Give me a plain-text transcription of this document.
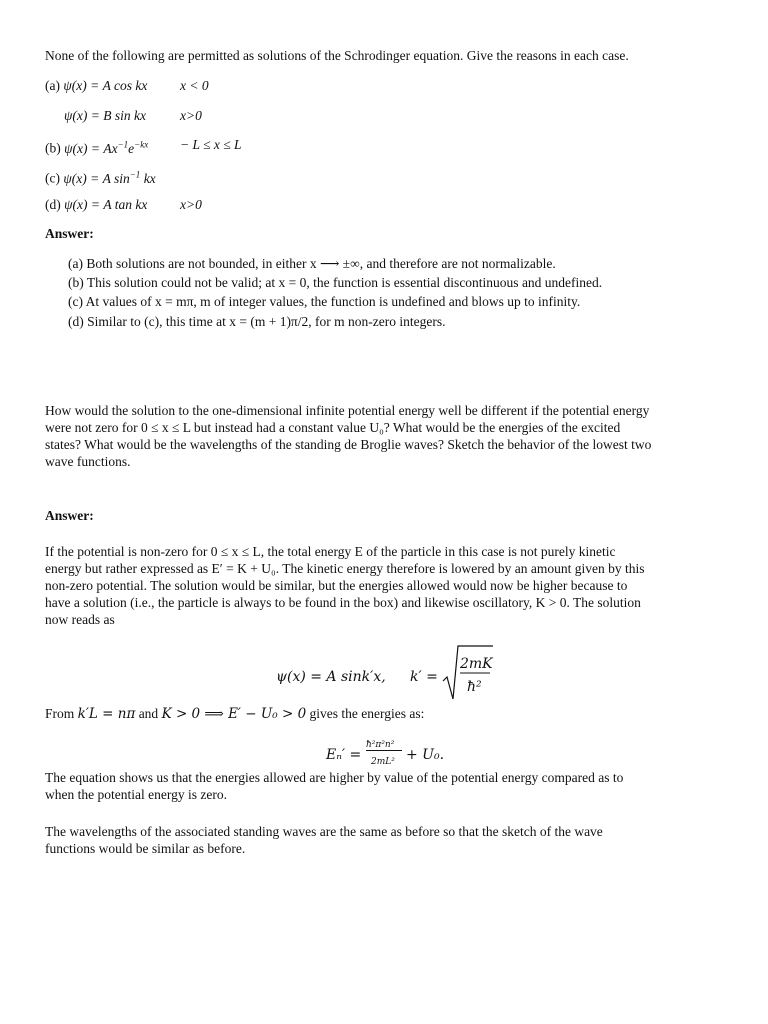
None of the following are permitted as solutions of the Schrodinger equation. Give the reasons in each case.
(a) ψ(x) = A cos kx x < 0
ψ(x) = B sin kx	x>0
(b) $\psi(x) = Ax^{-1}e^{-kx} - L \le x \le L$
(c) ψ(x) = A $\sin^{-1}$ kx
(d) ψ(x) = A tan kx x>0
Answer:
(a) Both solutions are not bounded, in either x ⟶ ±∞, and therefore are not normalizable.
(b) This solution could not be valid; at x = 0, the function is essential discontinuous and undefined.
(c) At values of x = mπ, m of integer values, the function is undefined and blows up to infinity.
(d) Similar to (c), this time at x = (m + 1)π/2, for m non-zero integers.
How would the solution to the one-dimensional infinite potential energy well be different if the potential energy
were not zero for 0 ≤ x ≤ L but instead had a constant value U₀? What would be the energies of the excited
states? What would be the wavelengths of the standing de Broglie waves? Sketch the behavior of the lowest two
wave functions.
Answer:
If the potential is non-zero for 0 ≤ x ≤ L, the total energy E of the particle in this case is not purely kinetic
energy but rather expressed as E′ = K + U₀. The kinetic energy therefore is lowered by an amount given by this
non-zero potential. The solution would be similar, but the energies allowed would now be higher because to
have a solution (i.e., the particle is always to be found in the box) and likewise oscillatory, K > 0. The solution
now reads as
ψ(x) = A sink′x, k′ =
2mK
ħ²
From k′L = nπ and K > 0 ⟹ E′ − U₀ > 0 gives the energies as:
Eₙ′ =
ħ²π²n²
2mL² + U₀.
The equation shows us that the energies allowed are higher by value of the potential energy compared as to
when the potential energy is zero.
The wavelengths of the associated standing waves are the same as before so that the sketch of the wave
functions would be similar as before.
